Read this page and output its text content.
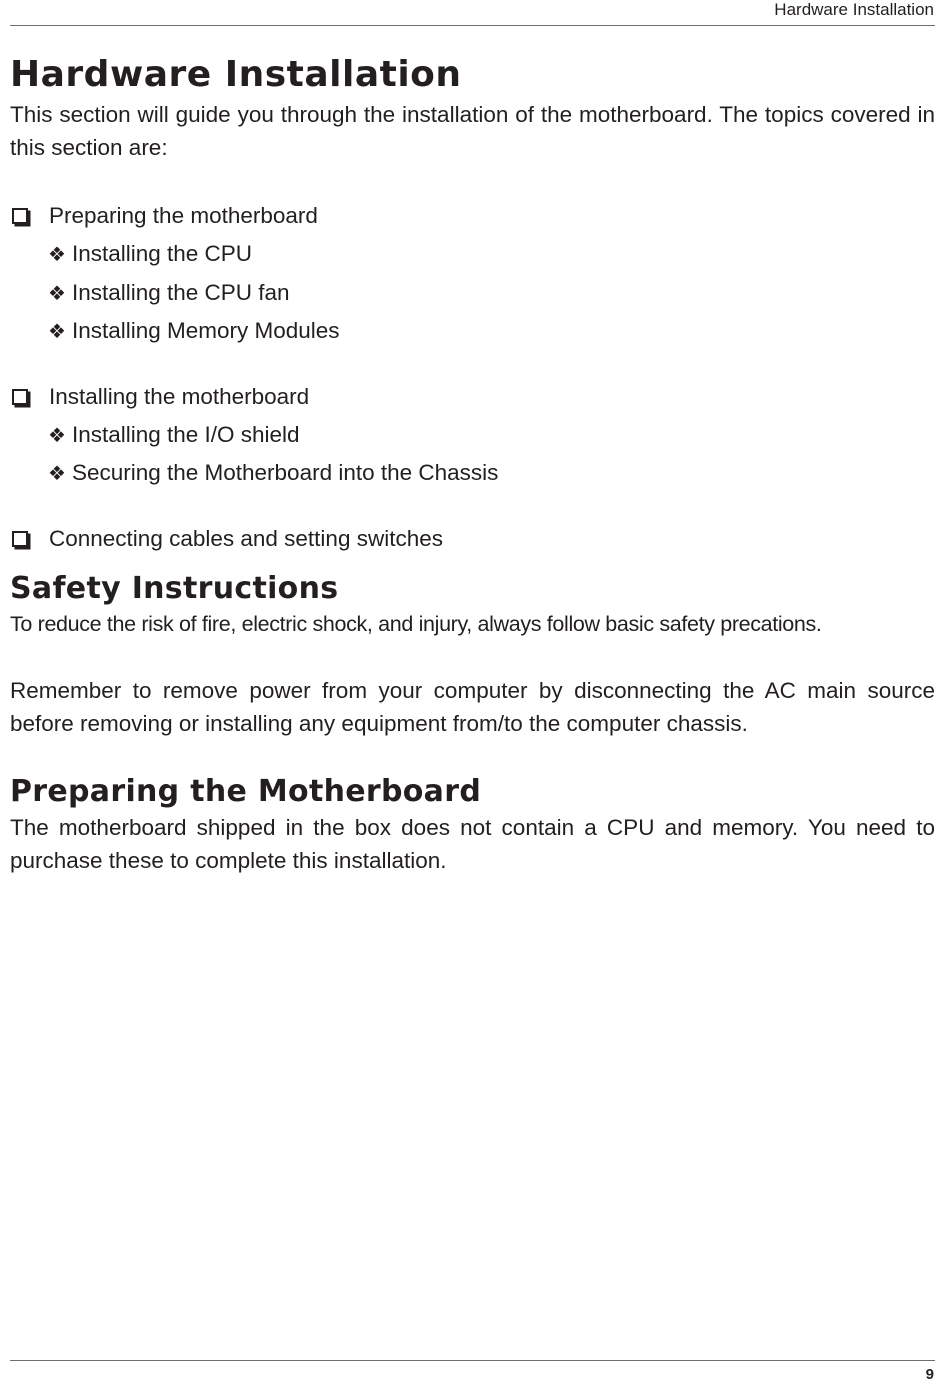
Hardware Installation
Hardware Installation

This section will guide you through the installation of the motherboard. The topics covered in this section are:

Preparing the motherboard
❖ Installing the CPU
❖ Installing the CPU fan
❖ Installing Memory Modules
Installing the motherboard
❖ Installing the I/O shield
❖ Securing the Motherboard into the Chassis
Connecting cables and setting switches
Safety Instructions

To reduce the risk of fire, electric shock, and injury, always follow basic safety precations.

Remember to remove power from your computer by disconnecting the AC main source before removing or installing any equipment from/to the computer chassis.

Preparing the Motherboard

The motherboard shipped in the box does not contain a CPU and memory. You need to purchase these to complete this installation.

9
